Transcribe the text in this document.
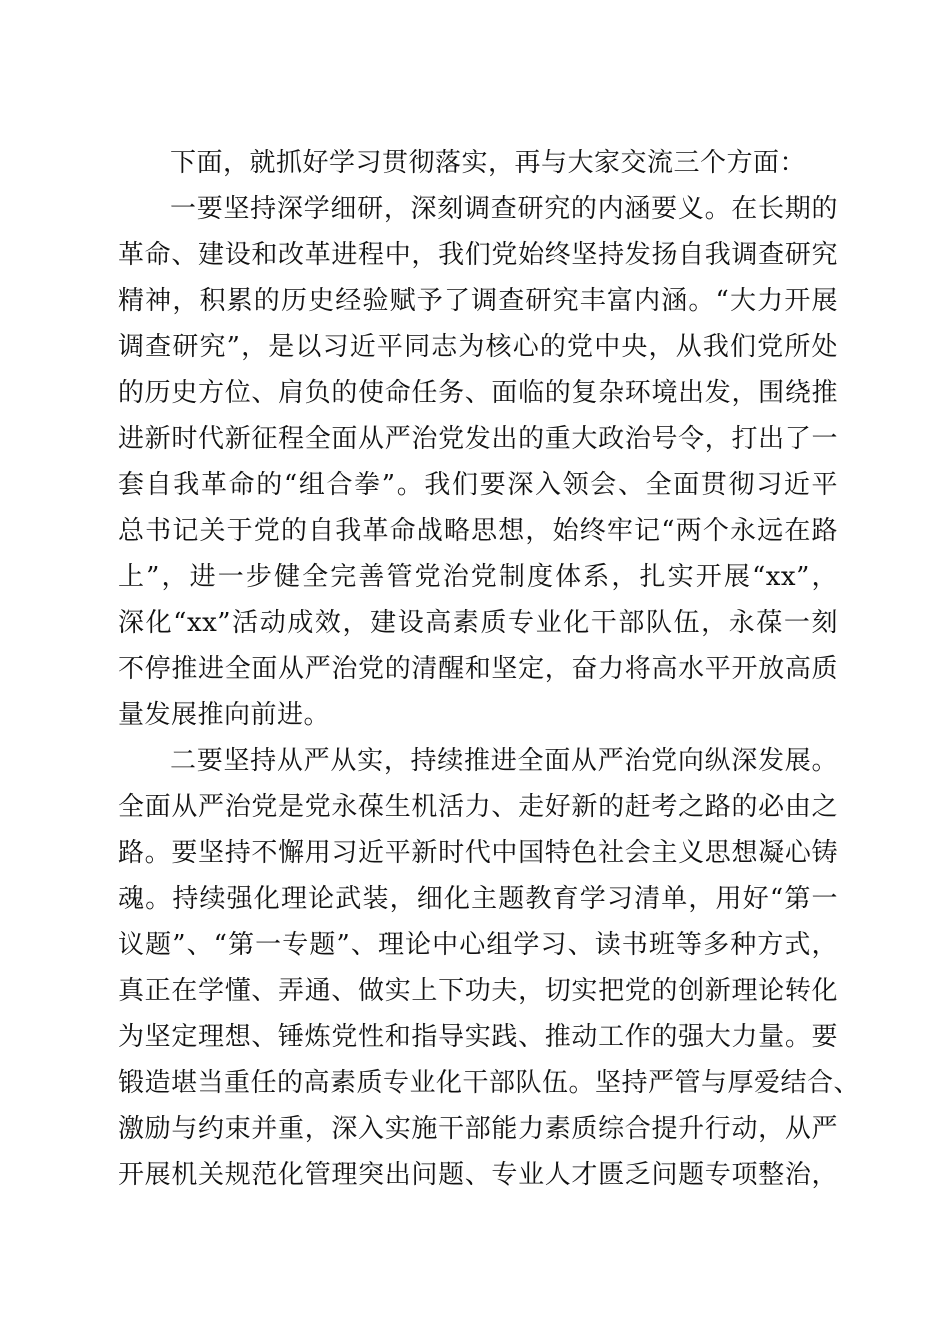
下面，就抓好学习贯彻落实，再与大家交流三个方面：
一要坚持深学细研，深刻调查研究的内涵要义。在长期的
革命、建设和改革进程中，我们党始终坚持发扬自我调查研究
精神，积累的历史经验赋予了调查研究丰富内涵。“大力开展
调查研究”，是以习近平同志为核心的党中央，从我们党所处
的历史方位、肩负的使命任务、面临的复杂环境出发，围绕推
进新时代新征程全面从严治党发出的重大政治号令，打出了一
套自我革命的“组合拳”。我们要深入领会、全面贯彻习近平
总书记关于党的自我革命战略思想，始终牢记“两个永远在路
上”，进一步健全完善管党治党制度体系，扎实开展“xx”，
深化“xx”活动成效，建设高素质专业化干部队伍，永葆一刻
不停推进全面从严治党的清醒和坚定，奋力将高水平开放高质
量发展推向前进。
二要坚持从严从实，持续推进全面从严治党向纵深发展。
全面从严治党是党永葆生机活力、走好新的赶考之路的必由之
路。要坚持不懈用习近平新时代中国特色社会主义思想凝心铸
魂。持续强化理论武装，细化主题教育学习清单，用好“第一
议题”、“第一专题”、理论中心组学习、读书班等多种方式，
真正在学懂、弄通、做实上下功夫，切实把党的创新理论转化
为坚定理想、锤炼党性和指导实践、推动工作的强大力量。要
锻造堪当重任的高素质专业化干部队伍。坚持严管与厚爱结合、
激励与约束并重，深入实施干部能力素质综合提升行动，从严
开展机关规范化管理突出问题、专业人才匮乏问题专项整治，
